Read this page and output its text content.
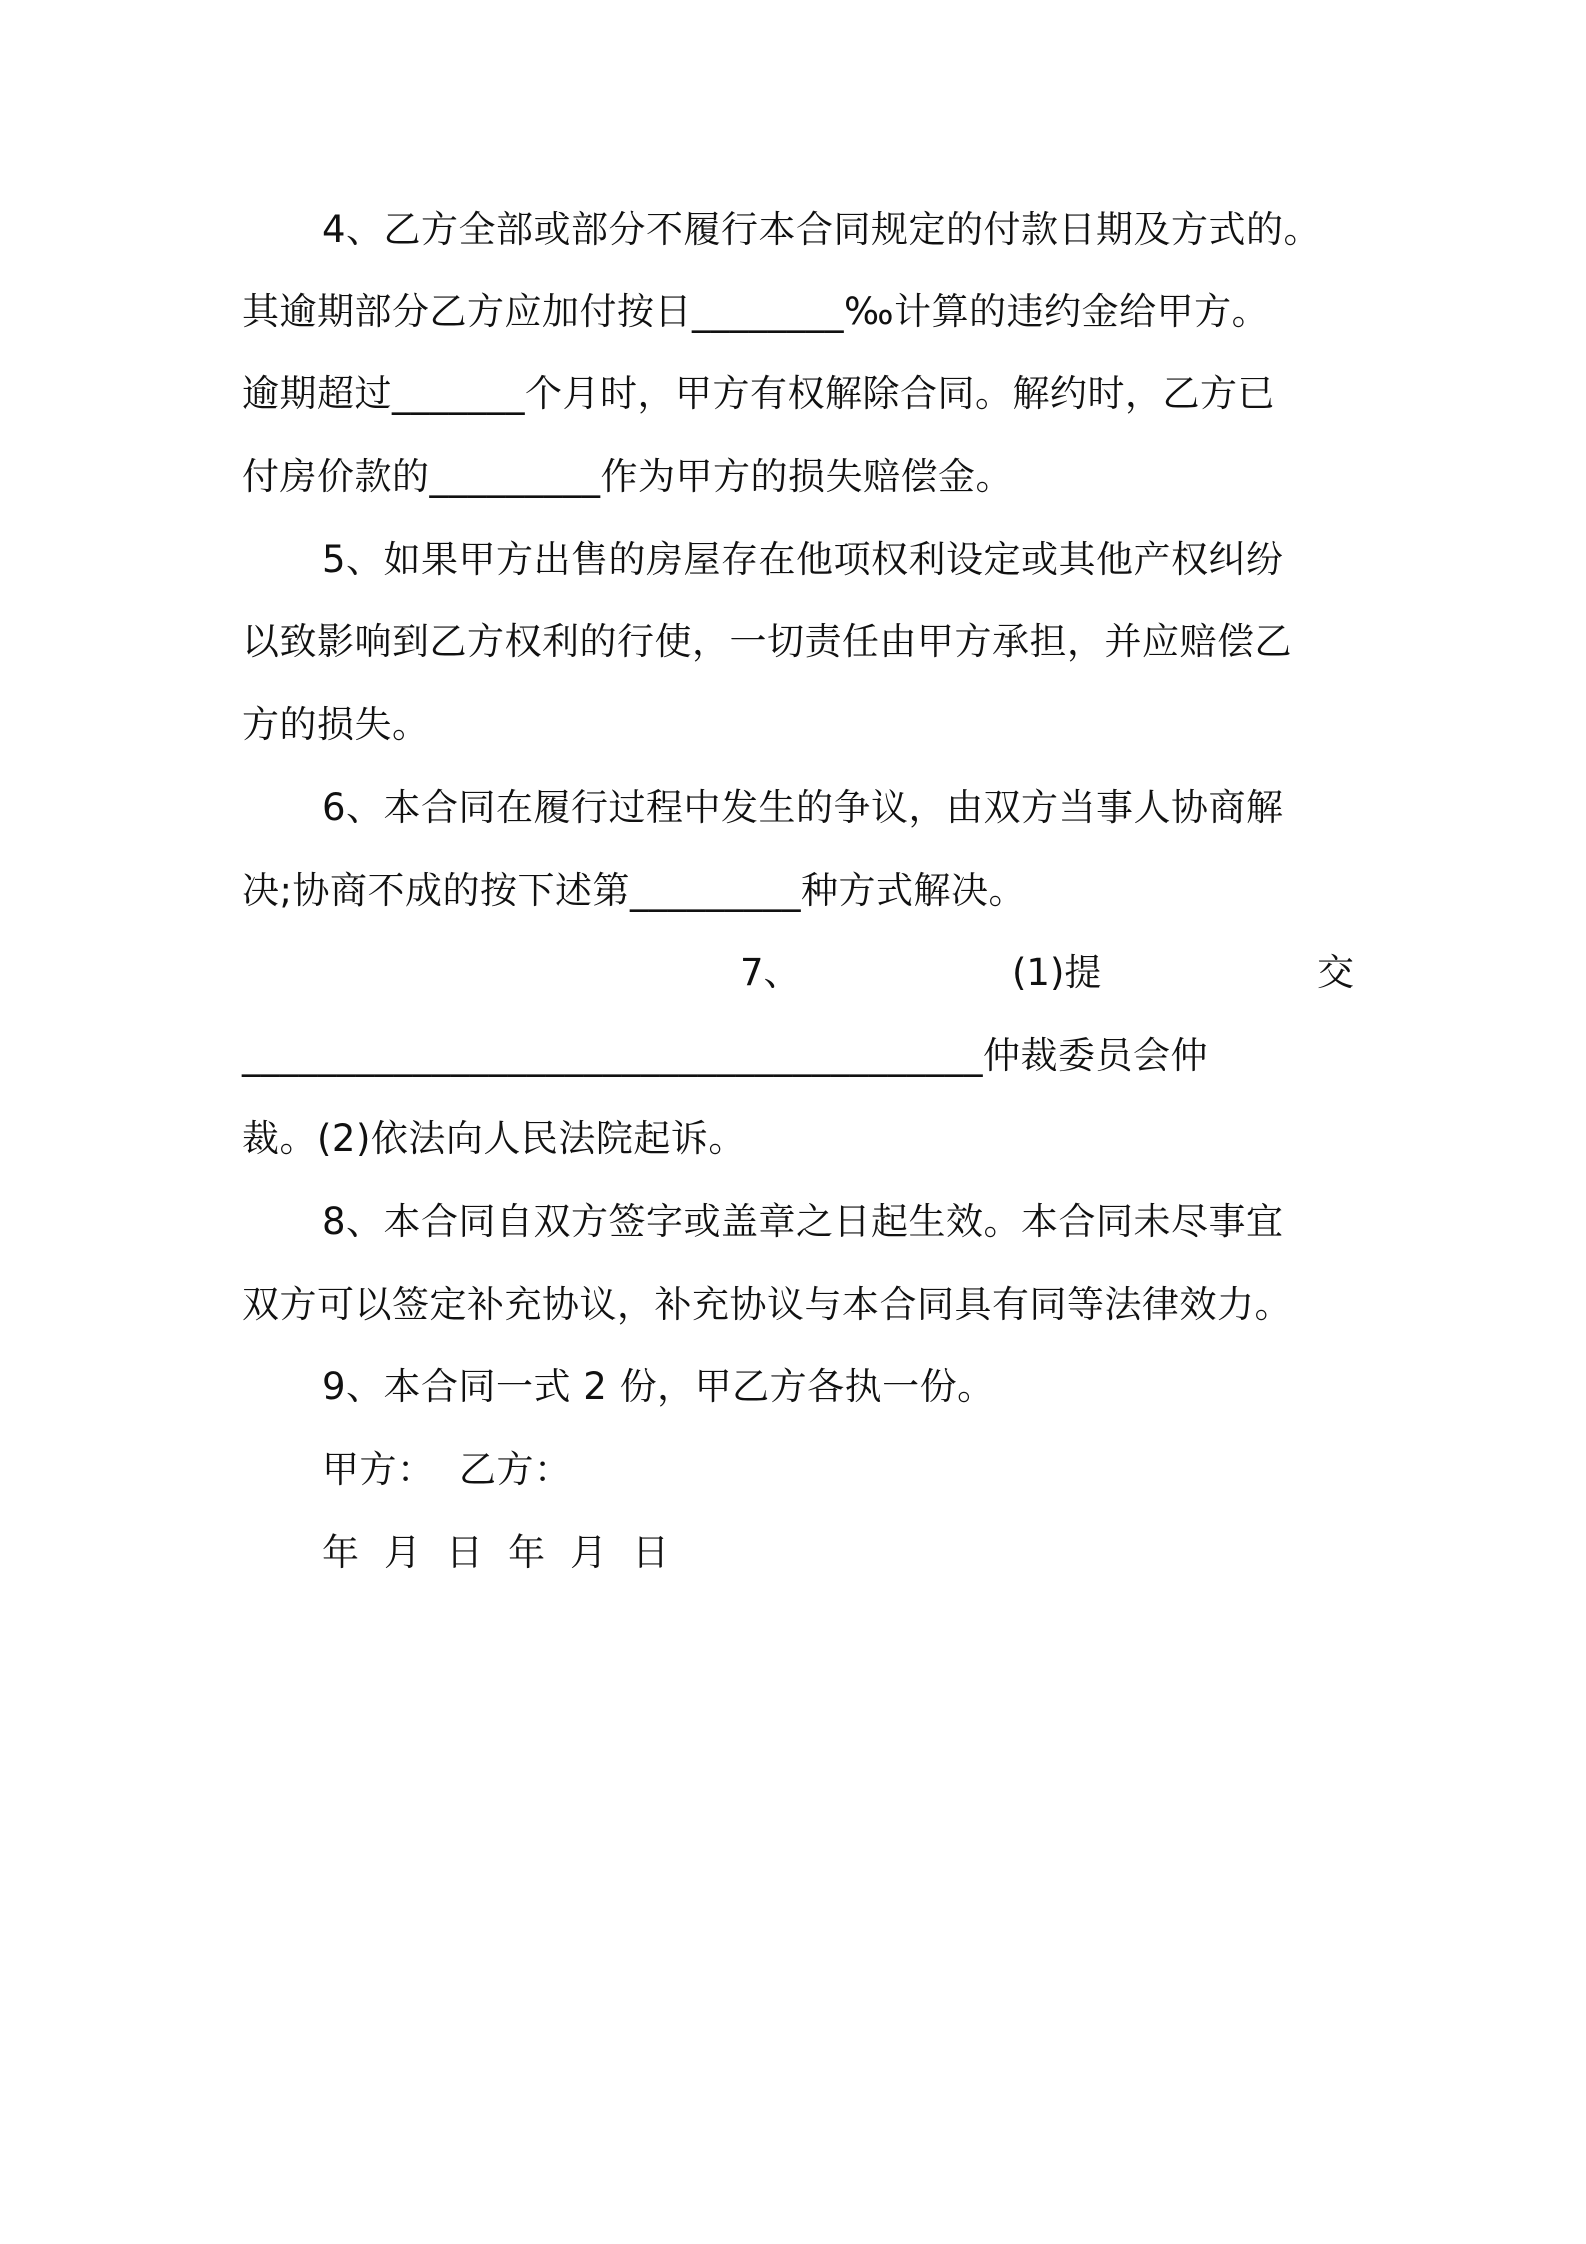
4、乙方全部或部分不履行本合同规定的付款日期及方式的。
其逾期部分乙方应加付按日________‰计算的违约金给甲方。
逾期超过_______个月时，甲方有权解除合同。解约时，乙方已
付房价款的_________作为甲方的损失赔偿金。
5、如果甲方出售的房屋存在他项权利设定或其他产权纠纷
以致影响到乙方权利的行使，一切责任由甲方承担，并应赔偿乙
方的损失。
6、本合同在履行过程中发生的争议，由双方当事人协商解
决;协商不成的按下述第_________种方式解决。

7、

	(1)提

	交

_______________________________________仲裁委员会仲
裁。(2)依法向人民法院起诉。
8、本合同自双方签字或盖章之日起生效。本合同未尽事宜
双方可以签定补充协议，补充协议与本合同具有同等法律效力。
9、本合同一式 2 份，甲乙方各执一份。
甲方：  乙方：
年  月  日  年  月  日
